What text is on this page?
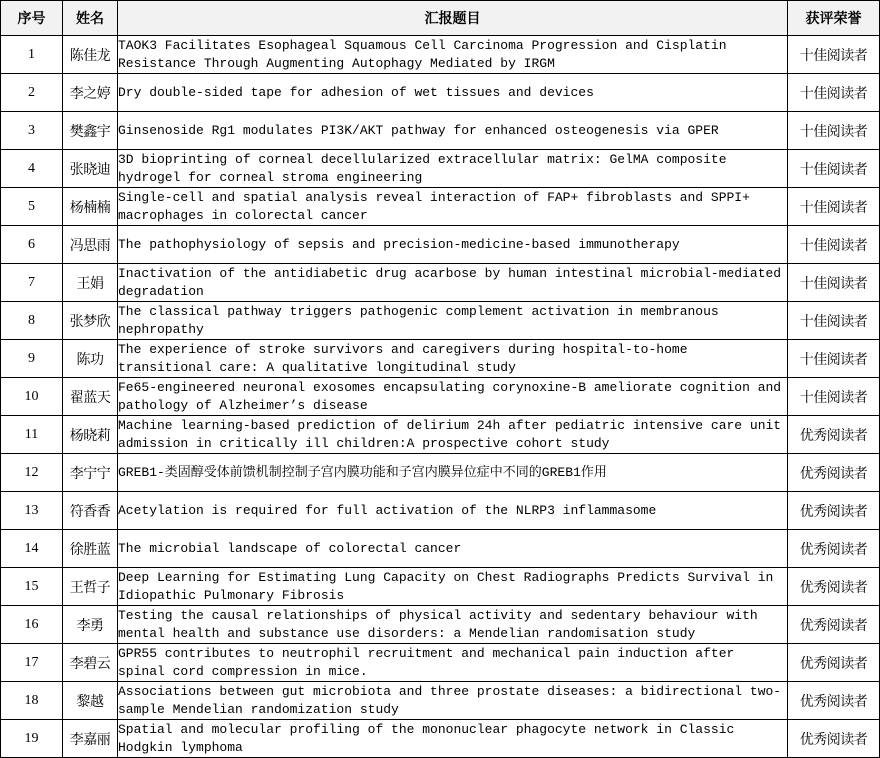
序号	姓名	汇报题目	获评荣誉
1	陈佳龙	TAOK3 Facilitates Esophageal Squamous Cell Carcinoma Progression and Cisplatin Resistance Through Augmenting Autophagy Mediated by IRGM	十佳阅读者
2	李之婷	Dry double-sided tape for adhesion of wet tissues and devices	十佳阅读者
3	樊鑫宇	Ginsenoside Rg1 modulates PI3K/AKT pathway for enhanced osteogenesis via GPER	十佳阅读者
4	张晓迪	3D bioprinting of corneal decellularized extracellular matrix: GelMA composite hydrogel for corneal stroma engineering	十佳阅读者
5	杨楠楠	Single-cell and spatial analysis reveal interaction of FAP+ fibroblasts and SPPI+ macrophages in colorectal cancer	十佳阅读者
6	冯思雨	The pathophysiology of sepsis and precision-medicine-based immunotherapy	十佳阅读者
7	王娟	Inactivation of the antidiabetic drug acarbose by human intestinal microbial-mediated degradation	十佳阅读者
8	张梦欣	The classical pathway triggers pathogenic complement activation in membranous nephropathy	十佳阅读者
9	陈功	The experience of stroke survivors and caregivers during hospital-to-home transitional care: A qualitative longitudinal study	十佳阅读者
10	翟蓝天	Fe65-engineered neuronal exosomes encapsulating corynoxine-B ameliorate cognition and pathology of Alzheimer’s disease	十佳阅读者
11	杨晓莉	Machine learning-based prediction of delirium 24h after pediatric intensive care unit admission in critically ill children:A prospective cohort study	优秀阅读者
12	李宁宁	GREB1-类固醇受体前馈机制控制子宫内膜功能和子宫内膜异位症中不同的GREB1作用	优秀阅读者
13	符香香	Acetylation is required for full activation of the NLRP3 inflammasome	优秀阅读者
14	徐胜蓝	The microbial landscape of colorectal cancer	优秀阅读者
15	王哲子	Deep Learning for Estimating Lung Capacity on Chest Radiographs Predicts Survival in Idiopathic Pulmonary Fibrosis	优秀阅读者
16	李勇	Testing the causal relationships of physical activity and sedentary behaviour with mental health and substance use disorders: a Mendelian randomisation study	优秀阅读者
17	李碧云	GPR55 contributes to neutrophil recruitment and mechanical pain induction after spinal cord compression in mice.	优秀阅读者
18	黎越	Associations between gut microbiota and three prostate diseases: a bidirectional two-sample Mendelian randomization study	优秀阅读者
19	李嘉丽	Spatial and molecular profiling of the mononuclear phagocyte network in Classic Hodgkin lymphoma	优秀阅读者
